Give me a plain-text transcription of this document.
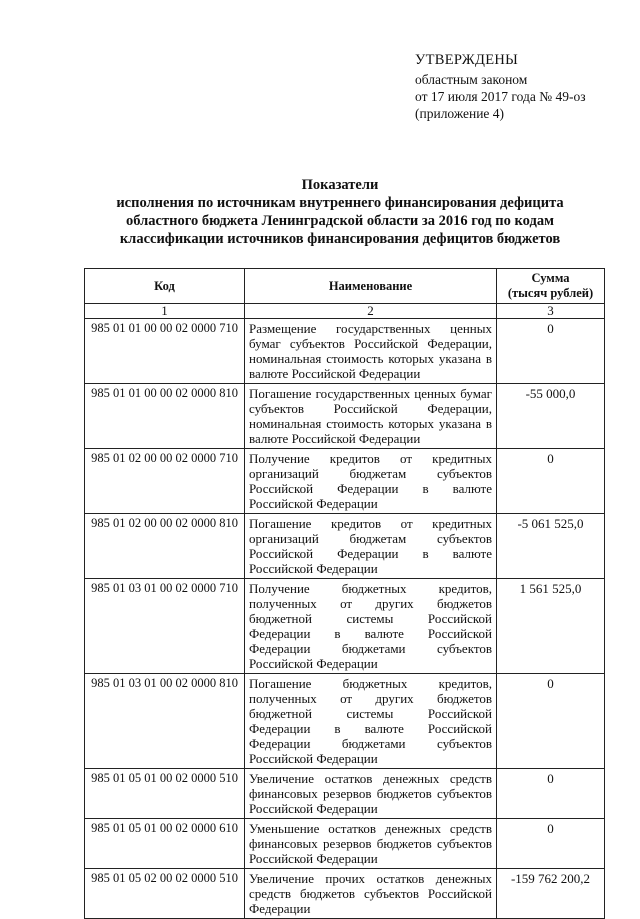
УТВЕРЖДЕНЫ
областным законом
от 17 июля 2017 года № 49-оз
(приложение 4)
Показатели
исполнения по источникам внутреннего финансирования дефицита
областного бюджета Ленинградской области за 2016 год по кодам
классификации источников финансирования дефицитов бюджетов
Код	Наименование	Сумма
(тысяч рублей)

1	2	3
985 01 01 00 00 02 0000 710	Размещение государственных ценных бумаг субъектов Российской Федерации, номинальная стоимость которых указана в валюте Российской Федерации	0
985 01 01 00 00 02 0000 810	Погашение государственных ценных бумаг субъектов Российской Федерации, номинальная стоимость которых указана в валюте Российской Федерации	-55 000,0
985 01 02 00 00 02 0000 710	Получение кредитов от кредитных организаций бюджетам субъектов Российской Федерации в валюте Российской Федерации	0
985 01 02 00 00 02 0000 810	Погашение кредитов от кредитных организаций бюджетам субъектов Российской Федерации в валюте Российской Федерации	-5 061 525,0
985 01 03 01 00 02 0000 710	Получение бюджетных кредитов, полученных от других бюджетов бюджетной системы Российской Федерации в валюте Российской Федерации бюджетами субъектов Российской Федерации	1 561 525,0
985 01 03 01 00 02 0000 810	Погашение бюджетных кредитов, полученных от других бюджетов бюджетной системы Российской Федерации в валюте Российской Федерации бюджетами субъектов Российской Федерации	0
985 01 05 01 00 02 0000 510	Увеличение остатков денежных средств финансовых резервов бюджетов субъектов Российской Федерации	0
985 01 05 01 00 02 0000 610	Уменьшение остатков денежных средств финансовых резервов бюджетов субъектов Российской Федерации	0
985 01 05 02 00 02 0000 510	Увеличение прочих остатков денежных средств бюджетов субъектов Российской Федерации	-159 762 200,2
